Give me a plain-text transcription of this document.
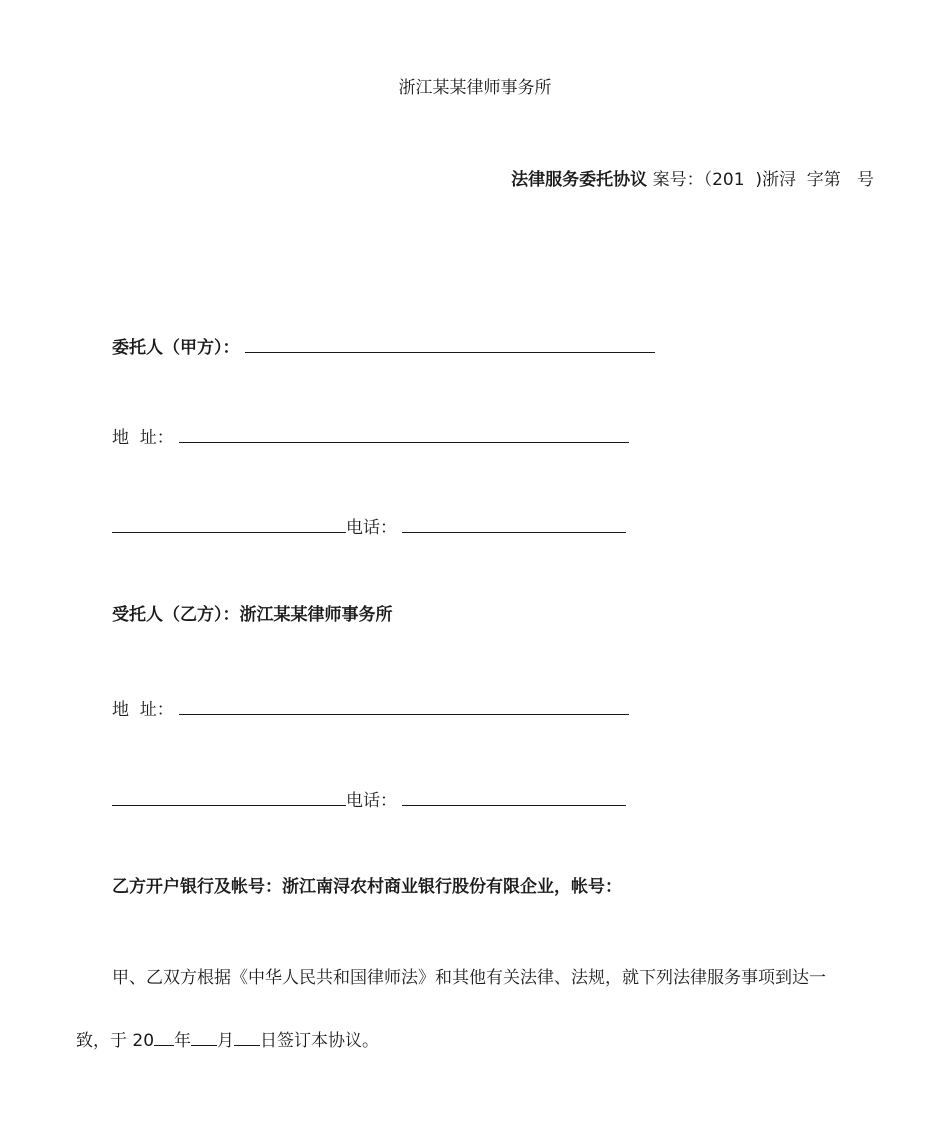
浙江某某律师事务所
法律服务委托协议 案号：（201  )浙浔  字第   号
委托人（甲方）：
地  址：
电话：
受托人（乙方）：浙江某某律师事务所
地  址：
电话：
乙方开户银行及帐号：浙江南浔农村商业银行股份有限企业，帐号：
甲、乙双方根据《中华人民共和国律师法》和其他有关法律、法规，就下列法律服务事项到达一
致，于 20 年 月 日签订本协议。
